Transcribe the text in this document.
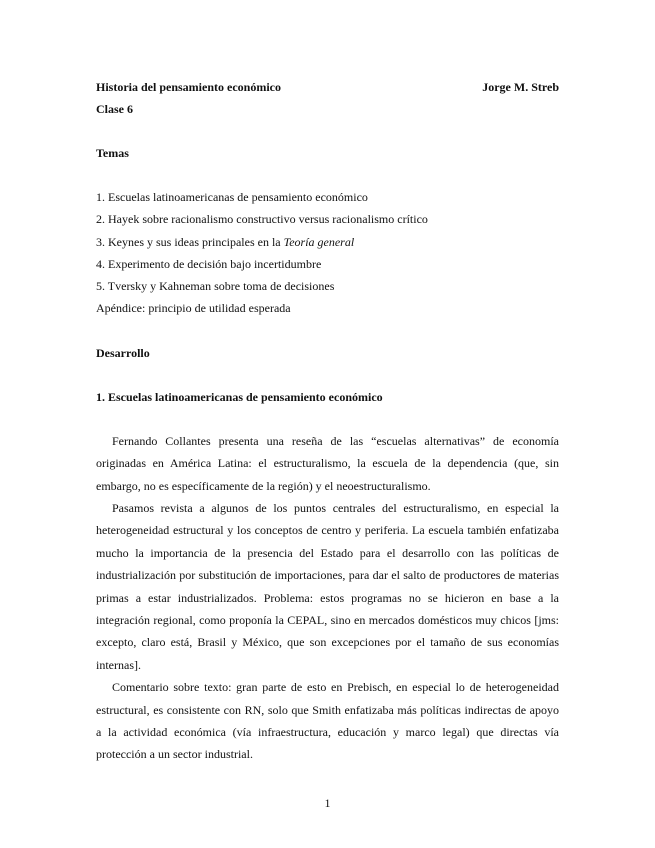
Historia del pensamiento económico	Jorge M. Streb
Clase 6
Temas
1. Escuelas latinoamericanas de pensamiento económico
2. Hayek sobre racionalismo constructivo versus racionalismo crítico
3. Keynes y sus ideas principales en la Teoría general
4. Experimento de decisión bajo incertidumbre
5. Tversky y Kahneman sobre toma de decisiones
Apéndice: principio de utilidad esperada
Desarrollo
1. Escuelas latinoamericanas de pensamiento económico

Fernando Collantes presenta una reseña de las “escuelas alternativas” de economía originadas en América Latina: el estructuralismo, la escuela de la dependencia (que, sin embargo, no es específicamente de la región) y el neoestructuralismo.

Pasamos revista a algunos de los puntos centrales del estructuralismo, en especial la heterogeneidad estructural y los conceptos de centro y periferia. La escuela también enfatizaba mucho la importancia de la presencia del Estado para el desarrollo con las políticas de industrialización por substitución de importaciones, para dar el salto de productores de materias primas a estar industrializados. Problema: estos programas no se hicieron en base a la integración regional, como proponía la CEPAL, sino en mercados domésticos muy chicos [jms: excepto, claro está, Brasil y México, que son excepciones por el tamaño de sus economías internas].

Comentario sobre texto: gran parte de esto en Prebisch, en especial lo de heterogeneidad estructural, es consistente con RN, solo que Smith enfatizaba más políticas indirectas de apoyo a la actividad económica (vía infraestructura, educación y marco legal) que directas vía protección a un sector industrial.

1
